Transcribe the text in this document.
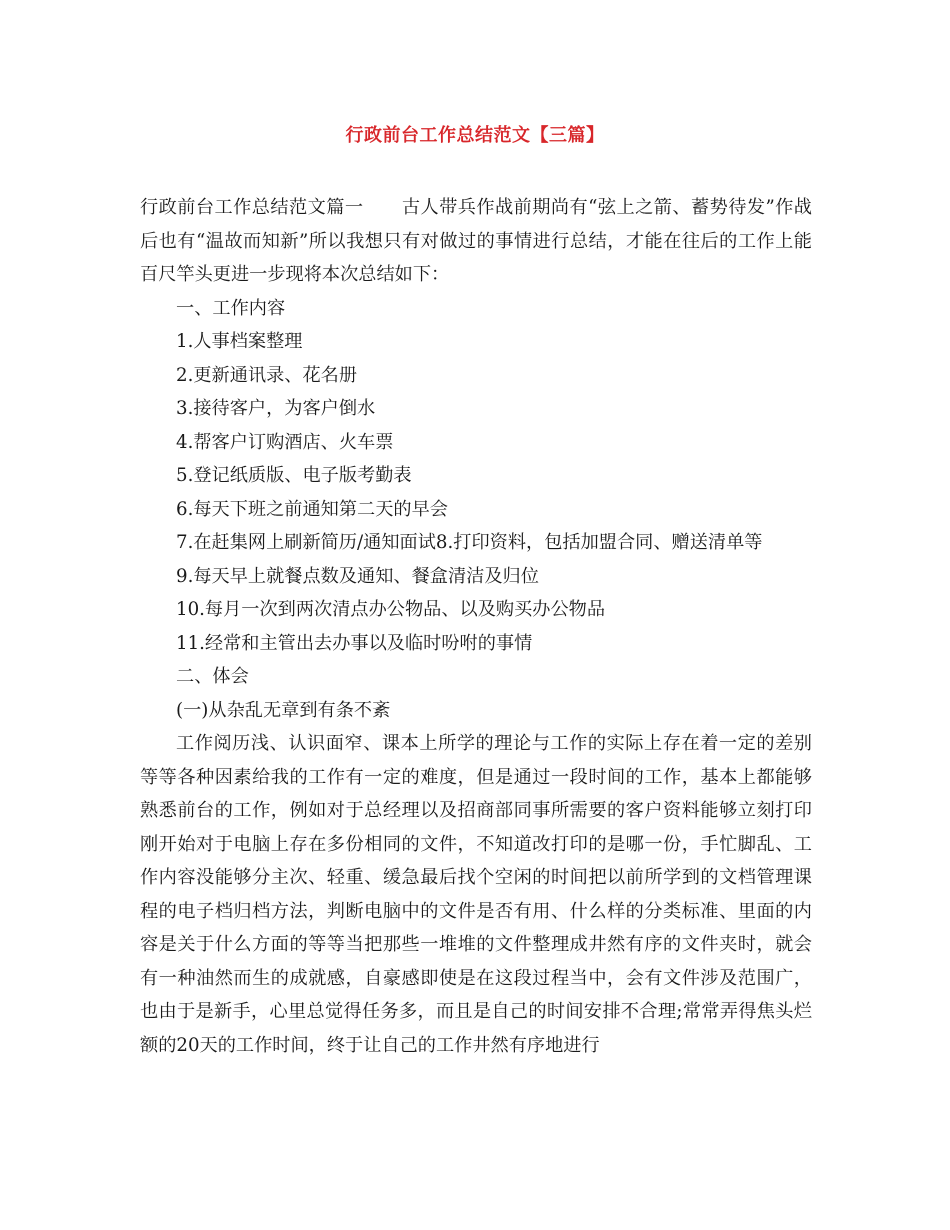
行政前台工作总结范文【三篇】

行政前台工作总结范文篇一 古人带兵作战前期尚有“弦上之箭、蓄势待发”作战后也有“温故而知新”所以我想只有对做过的事情进行总结，才能在往后的工作上能百尺竿头更进一步现将本次总结如下：

一、工作内容

1.人事档案整理

2.更新通讯录、花名册

3.接待客户，为客户倒水

4.帮客户订购酒店、火车票

5.登记纸质版、电子版考勤表

6.每天下班之前通知第二天的早会

7.在赶集网上刷新简历/通知面试8.打印资料，包括加盟合同、赠送清单等

9.每天早上就餐点数及通知、餐盒清洁及归位

10.每月一次到两次清点办公物品、以及购买办公物品

11.经常和主管出去办事以及临时吩咐的事情

二、体会

(一)从杂乱无章到有条不紊

工作阅历浅、认识面窄、课本上所学的理论与工作的实际上存在着一定的差别等等各种因素给我的工作有一定的难度，但是通过一段时间的工作，基本上都能够熟悉前台的工作，例如对于总经理以及招商部同事所需要的客户资料能够立刻打印刚开始对于电脑上存在多份相同的文件，不知道改打印的是哪一份，手忙脚乱、工作内容没能够分主次、轻重、缓急最后找个空闲的时间把以前所学到的文档管理课程的电子档归档方法，判断电脑中的文件是否有用、什么样的分类标准、里面的内容是关于什么方面的等等当把那些一堆堆的文件整理成井然有序的文件夹时，就会有一种油然而生的成就感，自豪感即使是在这段过程当中，会有文件涉及范围广，也由于是新手，心里总觉得任务多，而且是自己的时间安排不合理;常常弄得焦头烂额的20天的工作时间，终于让自己的工作井然有序地进行
